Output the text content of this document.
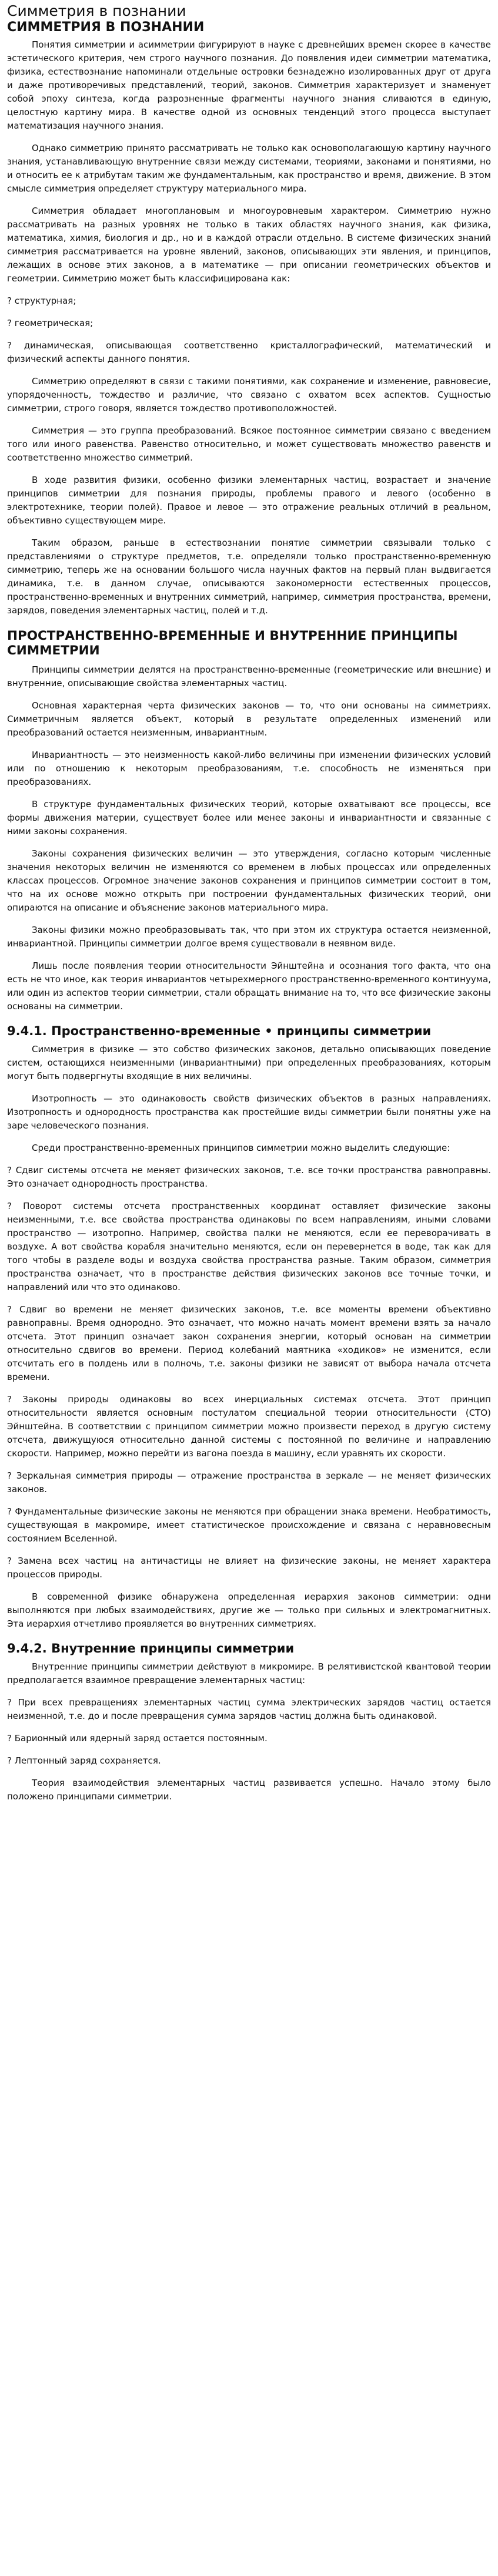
Симметрия в познании
СИММЕТРИЯ В ПОЗНАНИИ

Понятия симметрии и асимметрии фигурируют в науке с древнейших времен скорее в качестве эстетического критерия, чем строго научного познания. До появления идеи симметрии математика, физика, естествознание напоминали отдельные островки безнадежно изолированных друг от друга и даже противоречивых представлений, теорий, законов. Симметрия характеризует и знаменует собой эпоху синтеза, когда разрозненные фрагменты научного знания сливаются в единую, целостную картину мира. В качестве одной из основных тенденций этого процесса выступает математизация научного знания.

Однако симметрию принято рассматривать не только как основополагающую картину научного знания, устанавливающую внутренние связи между системами, теориями, законами и понятиями, но и относить ее к атрибутам таким же фундаментальным, как пространство и время, движение. В этом смысле симметрия определяет структуру материального мира.

Симметрия обладает многоплановым и многоуровневым характером. Симметрию нужно рассматривать на разных уровнях не только в таких областях научного знания, как физика, математика, химия, биология и др., но и в каждой отрасли отдельно. В системе физических знаний симметрия рассматривается на уровне явлений, законов, описывающих эти явления, и принципов, лежащих в основе этих законов, а в математике — при описании геометрических объектов и геометрии. Симметрию может быть классифицирована как:

? структурная;

? геометрическая;

? динамическая, описывающая соответственно кристаллографический, математический и физический аспекты данного понятия.

Симметрию определяют в связи с такими понятиями, как сохранение и изменение, равновесие, упорядоченность, тождество и различие, что связано с охватом всех аспектов. Сущностью симметрии, строго говоря, является тождество противоположностей.

Симметрия — это группа преобразований. Всякое постоянное симметрии связано с введением того или иного равенства. Равенство относительно, и может существовать множество равенств и соответственно множество симметрий.

В ходе развития физики, особенно физики элементарных частиц, возрастает и значение принципов симметрии для познания природы, проблемы правого и левого (особенно в электротехнике, теории полей). Правое и левое — это отражение реальных отличий в реальном, объективно существующем мире.

Таким образом, раньше в естествознании понятие симметрии связывали только с представлениями о структуре предметов, т.е. определяли только пространственно-временную симметрию, теперь же на основании большого числа научных фактов на первый план выдвигается динамика, т.е. в данном случае, описываются закономерности естественных процессов, пространственно-временных и внутренних симметрий, например, симметрия пространства, времени, зарядов, поведения элементарных частиц, полей и т.д.

ПРОСТРАНСТВЕННО-ВРЕМЕННЫЕ И ВНУТРЕННИЕ ПРИНЦИПЫ СИММЕТРИИ

Принципы симметрии делятся на пространственно-временные (геометрические или внешние) и внутренние, описывающие свойства элементарных частиц.

Основная характерная черта физических законов — то, что они основаны на симметриях. Симметричным является объект, который в результате определенных изменений или преобразований остается неизменным, инвариантным.

Инвариантность — это неизменность какой-либо величины при изменении физических условий или по отношению к некоторым преобразованиям, т.е. способность не изменяться при преобразованиях.

В структуре фундаментальных физических теорий, которые охватывают все процессы, все формы движения материи, существует более или менее законы и инвариантности и связанные с ними законы сохранения.

Законы сохранения физических величин — это утверждения, согласно которым численные значения некоторых величин не изменяются со временем в любых процессах или определенных классах процессов. Огромное значение законов сохранения и принципов симметрии состоит в том, что на их основе можно открыть при построении фундаментальных физических теорий, они опираются на описание и объяснение законов материального мира.

Законы физики можно преобразовывать так, что при этом их структура остается неизменной, инвариантной. Принципы симметрии долгое время существовали в неявном виде.

Лишь после появления теории относительности Эйнштейна и осознания того факта, что она есть не что иное, как теория инвариантов четырехмерного пространственно-временного континуума, или один из аспектов теории симметрии, стали обращать внимание на то, что все физические законы основаны на симметрии.

9.4.1. Пространственно-временные • принципы симметрии

Симметрия в физике — это собство физических законов, детально описывающих поведение систем, остающихся неизменными (инвариантными) при определенных преобразованиях, которым могут быть подвергнуты входящие в них величины.

Изотропность — это одинаковость свойств физических объектов в разных направлениях. Изотропность и однородность пространства как простейшие виды симметрии были понятны уже на заре человеческого познания.

Среди пространственно-временных принципов симметрии можно выделить следующие:

? Сдвиг системы отсчета не меняет физических законов, т.е. все точки пространства равноправны. Это означает однородность пространства.

? Поворот системы отсчета пространственных координат оставляет физические законы неизменными, т.е. все свойства пространства одинаковы по всем направлениям, иными словами пространство — изотропно. Например, свойства палки не меняются, если ее переворачивать в воздухе. А вот свойства корабля значительно меняются, если он перевернется в воде, так как для того чтобы в разделе воды и воздуха свойства пространства разные. Таким образом, симметрия пространства означает, что в пространстве действия физических законов все точные точки, и направлений или что это одинаково.

? Сдвиг во времени не меняет физических законов, т.е. все моменты времени объективно равноправны. Время однородно. Это означает, что можно начать момент времени взять за начало отсчета. Этот принцип означает закон сохранения энергии, который основан на симметрии относительно сдвигов во времени. Период колебаний маятника «ходиков» не изменится, если отсчитать его в полдень или в полночь, т.е. законы физики не зависят от выбора начала отсчета времени.

? Законы природы одинаковы во всех инерциальных системах отсчета. Этот принцип относительности является основным постулатом специальной теории относительности (СТО) Эйнштейна. В соответствии с принципом симметрии можно произвести переход в другую систему отсчета, движущуюся относительно данной системы с постоянной по величине и направлению скорости. Например, можно перейти из вагона поезда в машину, если уравнять их скорости.

? Зеркальная симметрия природы — отражение пространства в зеркале — не меняет физических законов.

? Фундаментальные физические законы не меняются при обращении знака времени. Необратимость, существующая в макромире, имеет статистическое происхождение и связана с неравновесным состоянием Вселенной.

? Замена всех частиц на античастицы не влияет на физические законы, не меняет характера процессов природы.

В современной физике обнаружена определенная иерархия законов симметрии: одни выполняются при любых взаимодействиях, другие же — только при сильных и электромагнитных. Эта иерархия отчетливо проявляется во внутренних симметриях.

9.4.2. Внутренние принципы симметрии

Внутренние принципы симметрии действуют в микромире. В релятивистской квантовой теории предполагается взаимное превращение элементарных частиц:

? При всех превращениях элементарных частиц сумма электрических зарядов частиц остается неизменной, т.е. до и после превращения сумма зарядов частиц должна быть одинаковой.

? Барионный или ядерный заряд остается постоянным.

? Лептонный заряд сохраняется.

Теория взаимодействия элементарных частиц развивается успешно. Начало этому было положено принципами симметрии.
